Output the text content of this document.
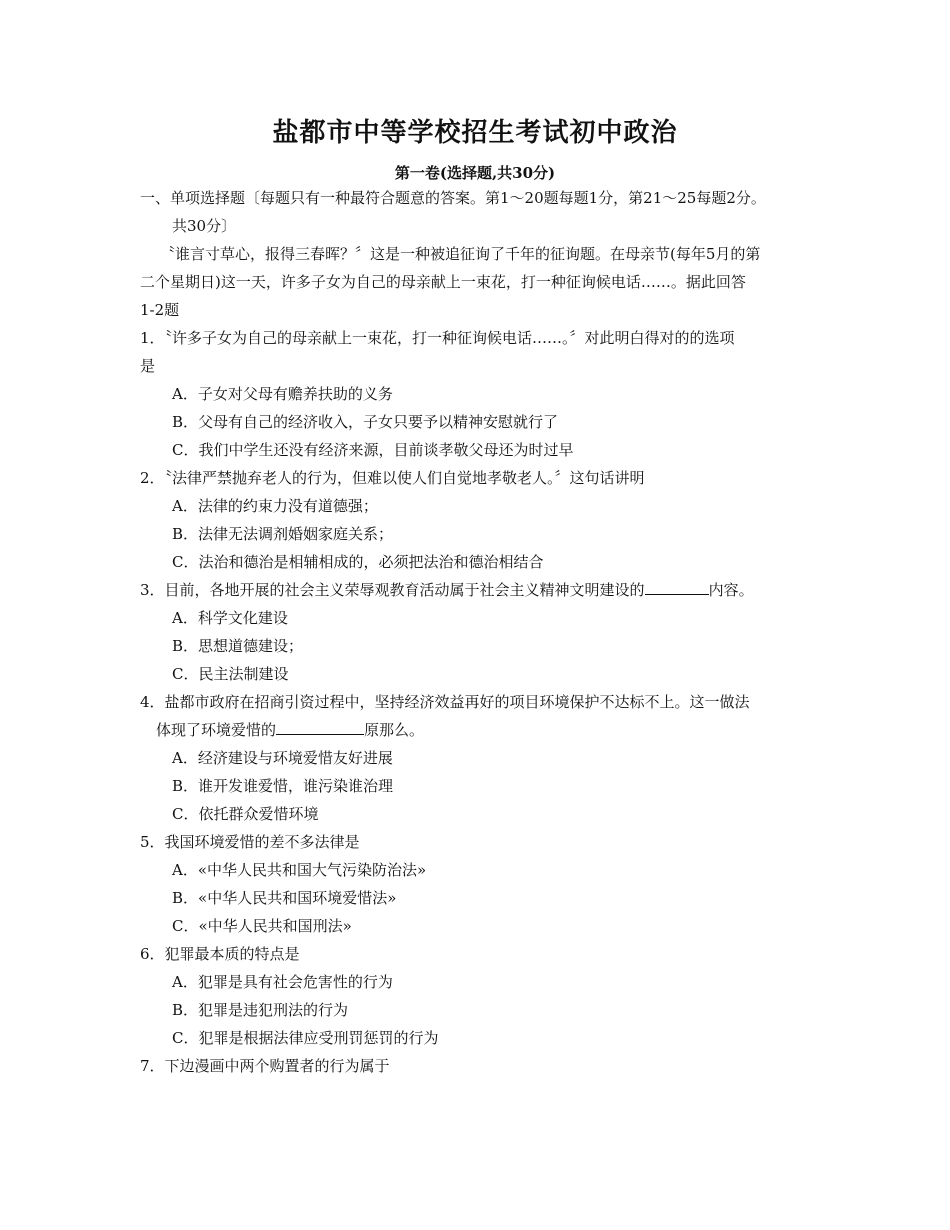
盐都市中等学校招生考试初中政治
第一卷(选择题,共30分)
一、单项选择题〔每题只有一种最符合题意的答案。第1～20题每题1分，第21～25每题2分。
共30分〕
〝谁言寸草心，报得三春晖？〞这是一种被追征询了千年的征询题。在母亲节(每年5月的第
二个星期日)这一天，许多子女为自己的母亲献上一束花，打一种征询候电话……。据此回答
1-2题
1．〝许多子女为自己的母亲献上一束花，打一种征询候电话……。〞对此明白得对的的选项
是
A．子女对父母有赡养扶助的义务
B．父母有自己的经济收入，子女只要予以精神安慰就行了
C．我们中学生还没有经济来源，目前谈孝敬父母还为时过早
2．〝法律严禁抛弃老人的行为，但难以使人们自觉地孝敬老人。〞这句话讲明
A．法律的约束力没有道德强；
B．法律无法调剂婚姻家庭关系；
C．法治和德治是相辅相成的，必须把法治和德治相结合
3．目前，各地开展的社会主义荣辱观教育活动属于社会主义精神文明建设的	内容。
A．科学文化建设
B．思想道德建设；
C．民主法制建设
4．盐都市政府在招商引资过程中，坚持经济效益再好的项目环境保护不达标不上。这一做法
体现了环境爱惜的	原那么。
A．经济建设与环境爱惜友好进展
B．谁开发谁爱惜，谁污染谁治理
C．依托群众爱惜环境
5．我国环境爱惜的差不多法律是
A．«中华人民共和国大气污染防治法»
B．«中华人民共和国环境爱惜法»
C．«中华人民共和国刑法»
6．犯罪最本质的特点是
A．犯罪是具有社会危害性的行为
B．犯罪是违犯刑法的行为
C．犯罪是根据法律应受刑罚惩罚的行为
7．下边漫画中两个购置者的行为属于
